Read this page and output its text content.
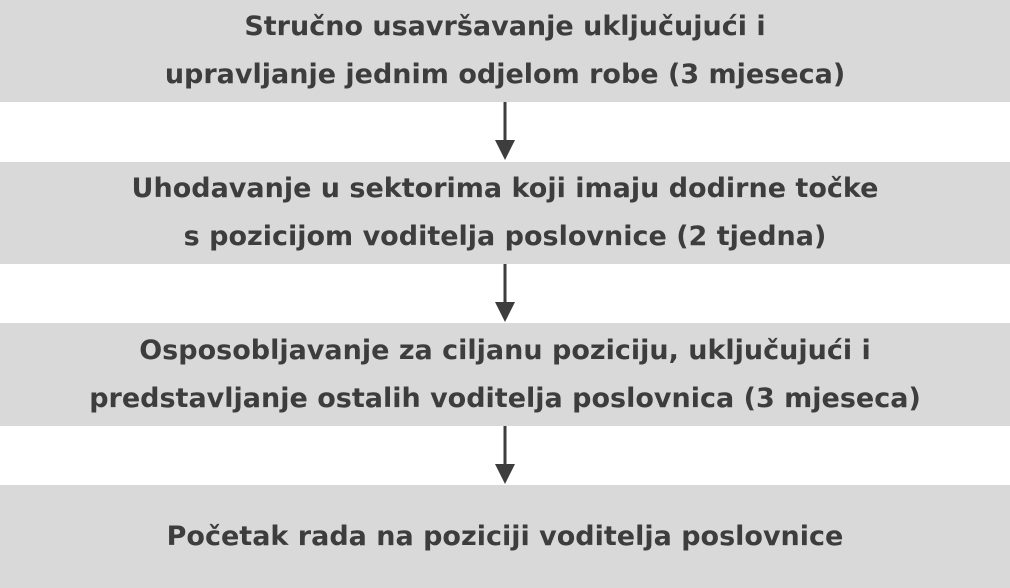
Stručno usavršavanje uključujući i
upravljanje jednim odjelom robe (3 mjeseca)
Uhodavanje u sektorima koji imaju dodirne točke
s pozicijom voditelja poslovnice (2 tjedna)
Osposobljavanje za ciljanu poziciju, uključujući i
predstavljanje ostalih voditelja poslovnica (3 mjeseca)
Početak rada na poziciji voditelja poslovnice
